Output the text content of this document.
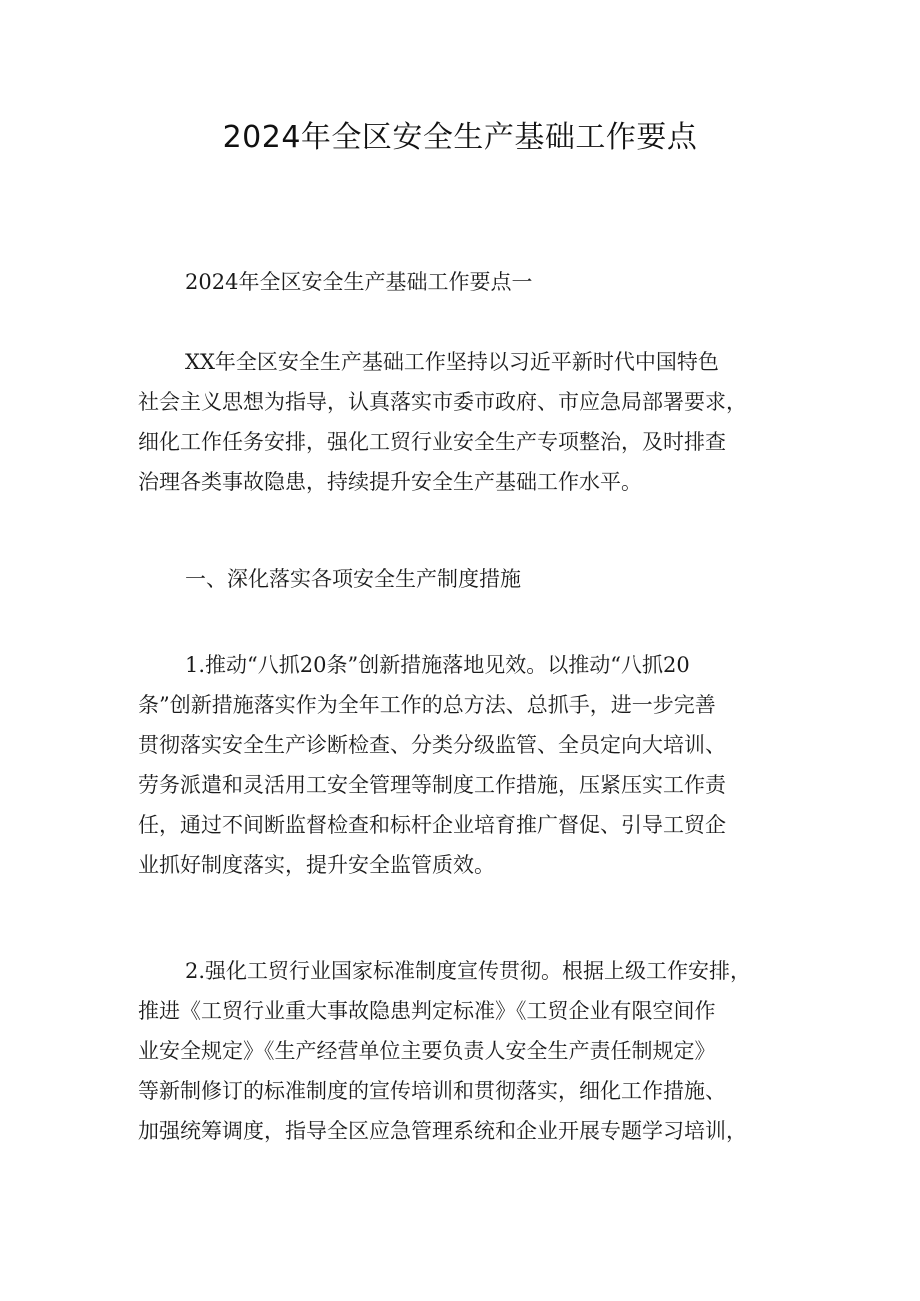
2024年全区安全生产基础工作要点

2024年全区安全生产基础工作要点一

XX年全区安全生产基础工作坚持以习近平新时代中国特色
社会主义思想为指导，认真落实市委市政府、市应急局部署要求，
细化工作任务安排，强化工贸行业安全生产专项整治，及时排查
治理各类事故隐患，持续提升安全生产基础工作水平。

一、深化落实各项安全生产制度措施

1.推动“八抓20条”创新措施落地见效。以推动“八抓20
条”创新措施落实作为全年工作的总方法、总抓手，进一步完善
贯彻落实安全生产诊断检查、分类分级监管、全员定向大培训、
劳务派遣和灵活用工安全管理等制度工作措施，压紧压实工作责
任，通过不间断监督检查和标杆企业培育推广督促、引导工贸企
业抓好制度落实，提升安全监管质效。

2.强化工贸行业国家标准制度宣传贯彻。根据上级工作安排，
推进《工贸行业重大事故隐患判定标准》《工贸企业有限空间作
业安全规定》《生产经营单位主要负责人安全生产责任制规定》
等新制修订的标准制度的宣传培训和贯彻落实，细化工作措施、
加强统筹调度，指导全区应急管理系统和企业开展专题学习培训，
